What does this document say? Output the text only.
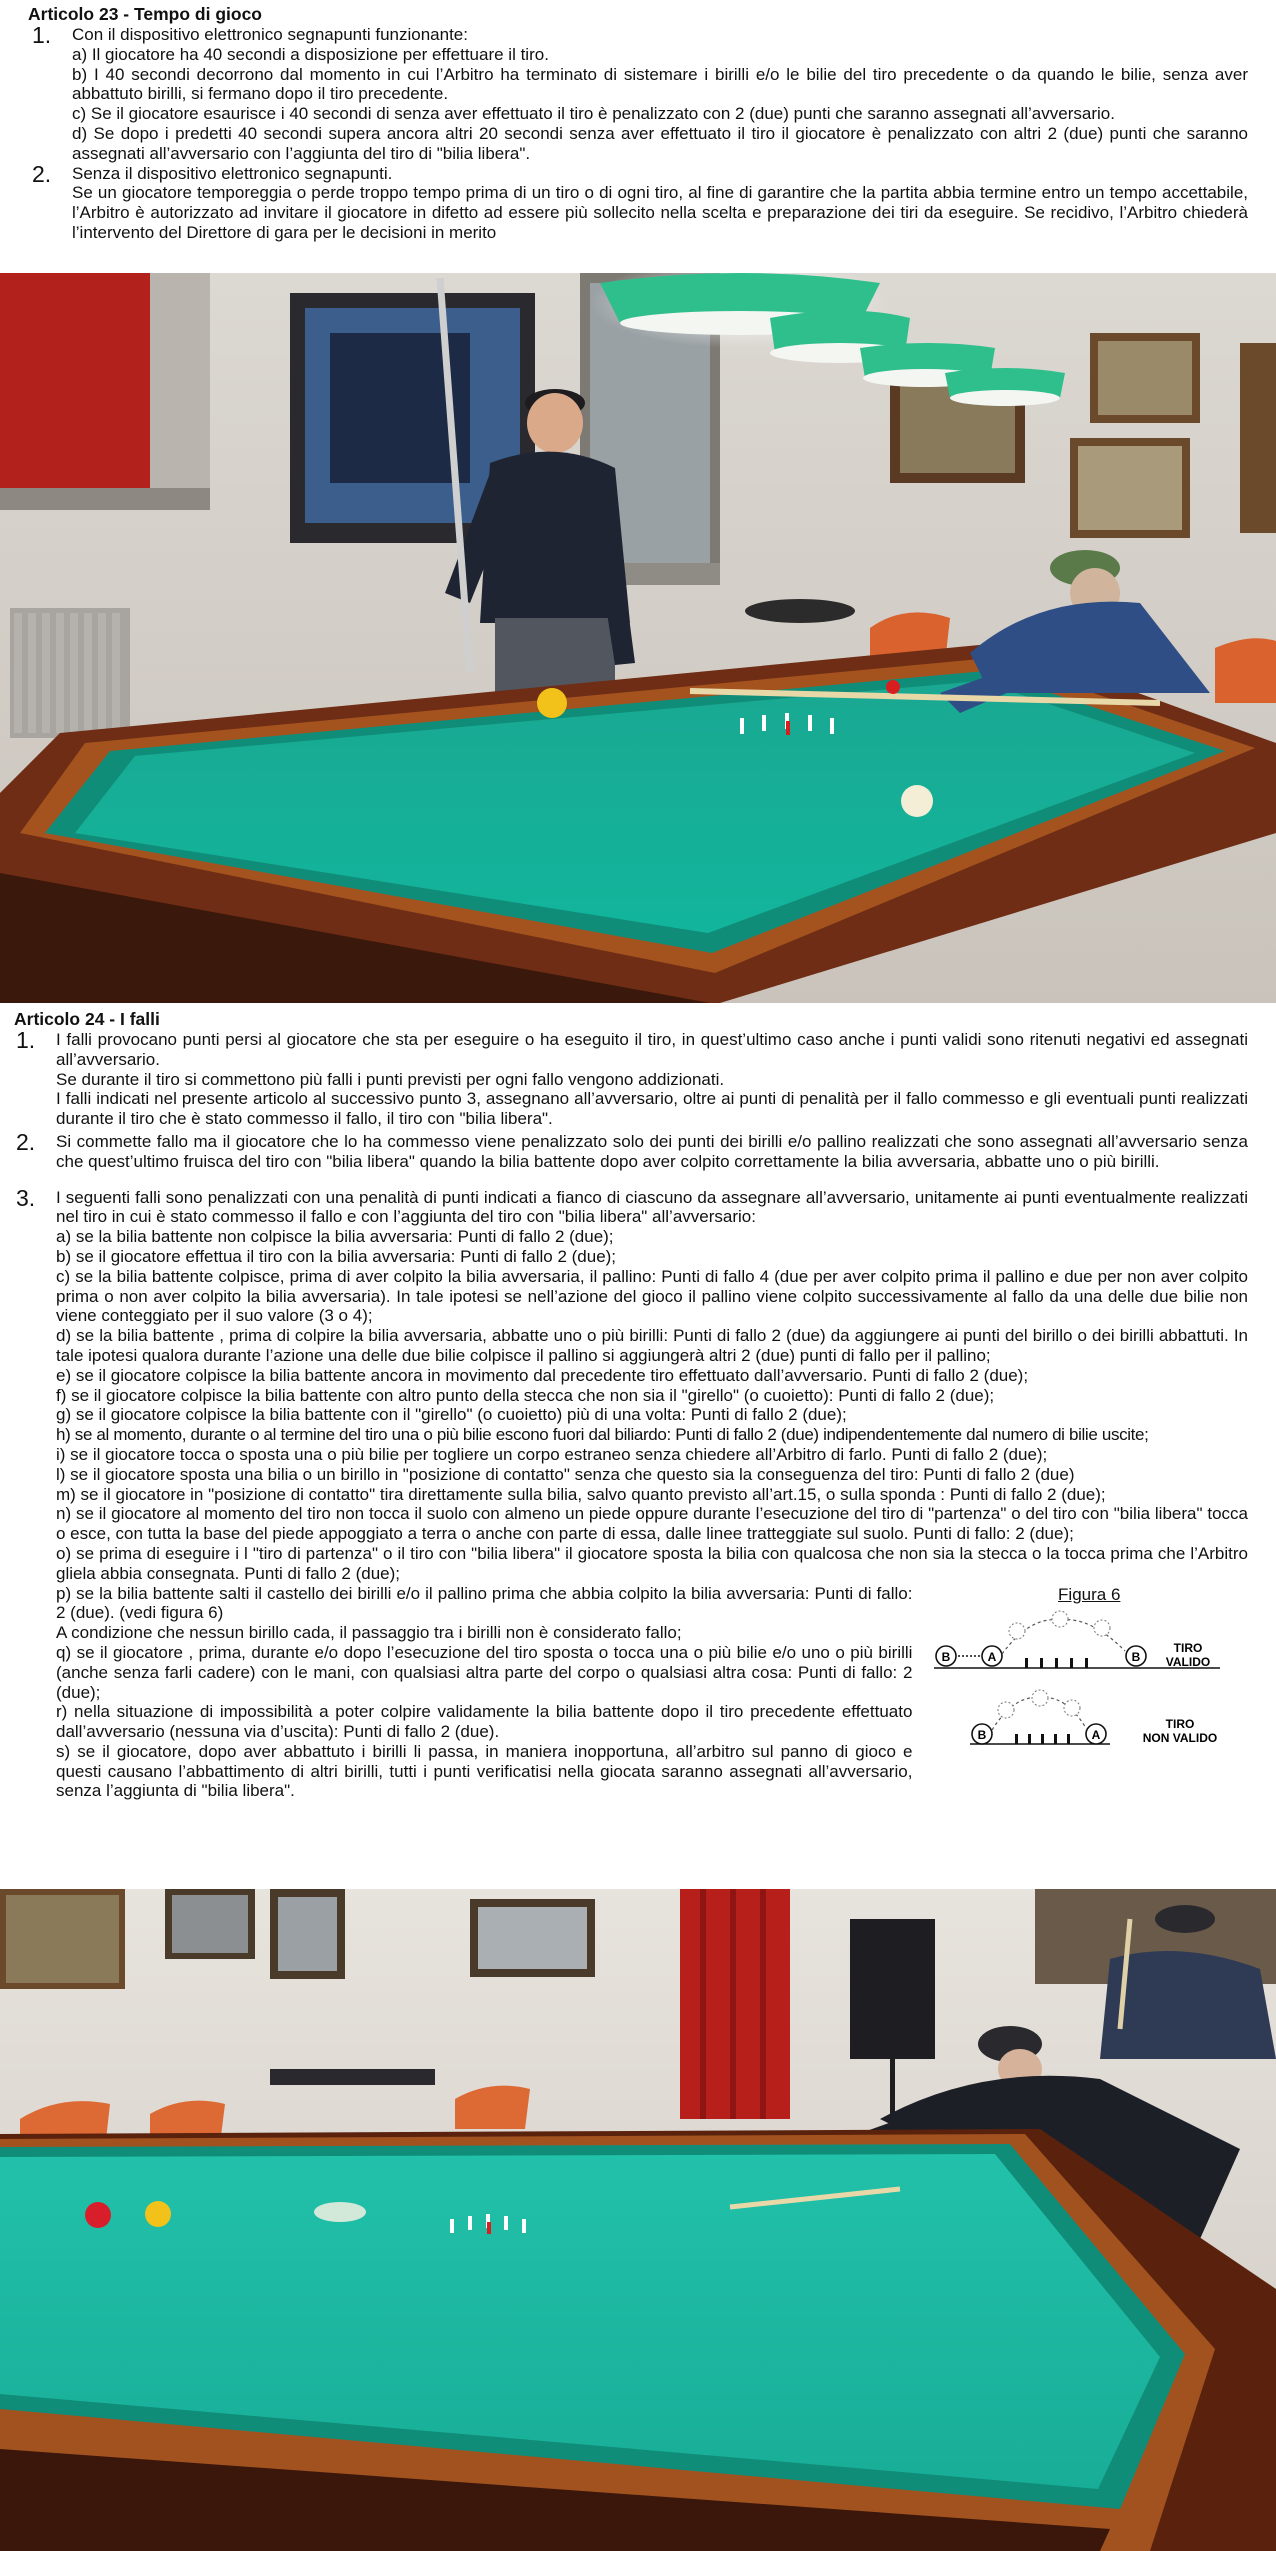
Articolo 23 - Tempo di gioco
1. Con il dispositivo elettronico segnapunti funzionante:

a) Il giocatore ha 40 secondi a disposizione per effettuare il tiro.

b) I 40 secondi decorrono dal momento in cui l’Arbitro ha terminato di sistemare i birilli e/o le bilie del tiro precedente o da quando le bilie, senza aver abbattuto birilli, si fermano dopo il tiro precedente.

c) Se il giocatore esaurisce i 40 secondi di senza aver effettuato il tiro è penalizzato con 2 (due) punti che saranno assegnati all’avversario.

d) Se dopo i predetti 40 secondi supera ancora altri 20 secondi senza aver effettuato il tiro il giocatore è penalizzato con altri 2 (due) punti che saranno assegnati all’avversario con l’aggiunta del tiro di "bilia libera".

2. Senza il dispositivo elettronico segnapunti.

Se un giocatore temporeggia o perde troppo tempo prima di un tiro o di ogni tiro, al fine di garantire che la partita abbia termine entro un tempo accettabile, l’Arbitro è autorizzato ad invitare il giocatore in difetto ad essere più sollecito nella scelta e preparazione dei tiri da eseguire. Se recidivo, l’Arbitro chiederà l’intervento del Direttore di gara per le decisioni in merito

Articolo 24 - I falli
1. I falli provocano punti persi al giocatore che sta per eseguire o ha eseguito il tiro, in quest’ultimo caso anche i punti validi sono ritenuti negativi ed assegnati all’avversario.

Se durante il tiro si commettono più falli i punti previsti per ogni fallo vengono addizionati.

I falli indicati nel presente articolo al successivo punto 3, assegnano all’avversario, oltre ai punti di penalità per il fallo commesso e gli eventuali punti realizzati durante il tiro che è stato commesso il fallo, il tiro con "bilia libera".

2. Si commette fallo ma il giocatore che lo ha commesso viene penalizzato solo dei punti dei birilli e/o pallino realizzati che sono assegnati all’avversario senza che quest’ultimo fruisca del tiro con "bilia libera" quando la bilia battente dopo aver colpito correttamente la bilia avversaria, abbatte uno o più birilli.

3. I seguenti falli sono penalizzati con una penalità di punti indicati a fianco di ciascuno da assegnare all’avversario, unitamente ai punti eventualmente realizzati nel tiro in cui è stato commesso il fallo e con l’aggiunta del tiro con "bilia libera" all’avversario:

a) se la bilia battente non colpisce la bilia avversaria: Punti di fallo 2 (due);

b) se il giocatore effettua il tiro con la bilia avversaria: Punti di fallo 2 (due);

c) se la bilia battente colpisce, prima di aver colpito la bilia avversaria, il pallino: Punti di fallo 4 (due per aver colpito prima il pallino e due per non aver colpito prima o non aver colpito la bilia avversaria). In tale ipotesi se nell’azione del gioco il pallino viene colpito successivamente al fallo da una delle due bilie non viene conteggiato per il suo valore (3 o 4);

d) se la bilia battente , prima di colpire la bilia avversaria, abbatte uno o più birilli: Punti di fallo 2 (due) da aggiungere ai punti del birillo o dei birilli abbattuti. In tale ipotesi qualora durante l’azione una delle due bilie colpisce il pallino si aggiungerà altri 2 (due) punti di fallo per il pallino;

e) se il giocatore colpisce la bilia battente ancora in movimento dal precedente tiro effettuato dall’avversario. Punti di fallo 2 (due);

f) se il giocatore colpisce la bilia battente con altro punto della stecca che non sia il "girello" (o cuoietto): Punti di fallo 2 (due);

g) se il giocatore colpisce la bilia battente con il "girello" (o cuoietto) più di una volta: Punti di fallo 2 (due);

h) se al momento, durante o al termine del tiro una o più bilie escono fuori dal biliardo: Punti di fallo 2 (due) indipendentemente dal numero di bilie uscite;

i) se il giocatore tocca o sposta una o più bilie per togliere un corpo estraneo senza chiedere all’Arbitro di farlo. Punti di fallo 2 (due);

l) se il giocatore sposta una bilia o un birillo in "posizione di contatto" senza che questo sia la conseguenza del tiro: Punti di fallo 2 (due)

m) se il giocatore in "posizione di contatto" tira direttamente sulla bilia, salvo quanto previsto all’art.15, o sulla sponda : Punti di fallo 2 (due);

n) se il giocatore al momento del tiro non tocca il suolo con almeno un piede oppure durante l’esecuzione del tiro di "partenza" o del tiro con "bilia libera" tocca o esce, con tutta la base del piede appoggiato a terra o anche con parte di essa, dalle linee tratteggiate sul suolo. Punti di fallo: 2 (due);

o) se prima di eseguire i l "tiro di partenza" o il tiro con "bilia libera" il giocatore sposta la bilia con qualcosa che non sia la stecca o la tocca prima che l’Arbitro gliela abbia consegnata. Punti di fallo 2 (due);

p) se la bilia battente salti il castello dei birilli e/o il pallino prima che abbia colpito la bilia avversaria: Punti di fallo: 2 (due). (vedi figura 6)

A condizione che nessun birillo cada, il passaggio tra i birilli non è considerato fallo;

q) se il giocatore , prima, durante e/o dopo l’esecuzione del tiro sposta o tocca una o più bilie e/o uno o più birilli (anche senza farli cadere) con le mani, con qualsiasi altra parte del corpo o qualsiasi altra cosa: Punti di fallo: 2 (due);

r) nella situazione di impossibilità a poter colpire validamente la bilia battente dopo il tiro precedente effettuato dall’avversario (nessuna via d’uscita): Punti di fallo 2 (due).

s) se il giocatore, dopo aver abbattuto i birilli li passa, in maniera inopportuna, all’arbitro sul panno di gioco e questi causano l’abbattimento di altri birilli, tutti i punti verificatisi nella giocata saranno assegnati all’avversario, senza l’aggiunta di "bilia libera".

Figura 6
B	A	B
TIRO
VALIDO
B	A
TIRO
NON VALIDO
